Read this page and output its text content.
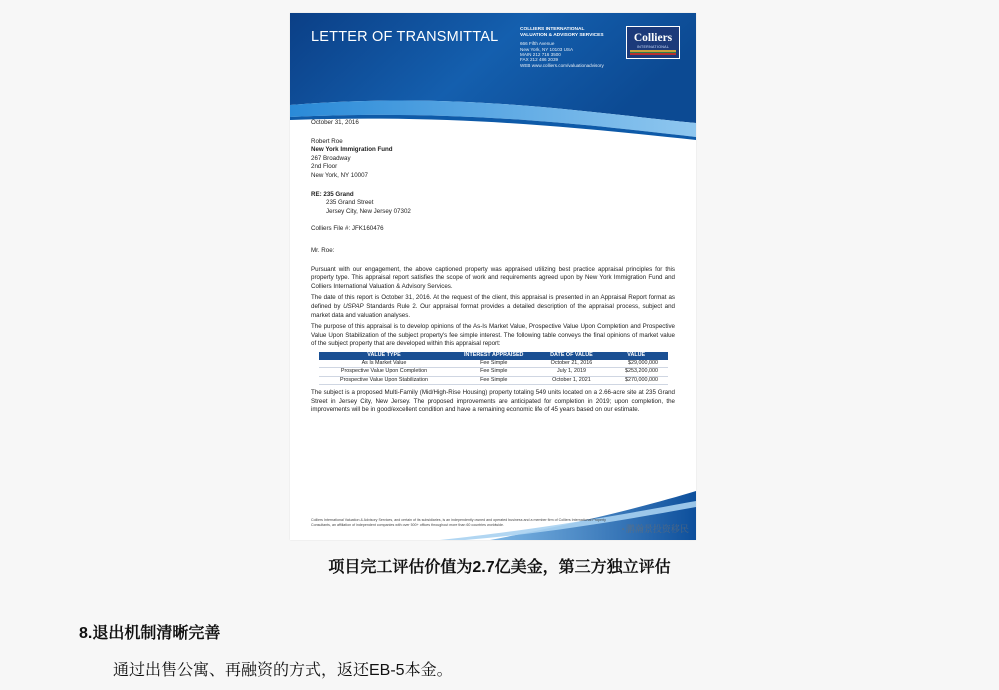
LETTER OF TRANSMITTAL	COLLIERS INTERNATIONAL
VALUATION & ADVISORY SERVICES
666 Fifth Avenue
New York, NY 10103 USA
MAIN 212 716 3500
FAX 212 486 2039
WEB www.colliers.com/valuationadvisory
Colliers
INTERNATIONAL

October 31, 2016

Robert Roe

New York Immigration Fund

267 Broadway

2nd Floor

New York, NY 10007

RE: 235 Grand

235 Grand Street

Jersey City, New Jersey 07302

Colliers File #: JFK160476

Mr. Roe:

Pursuant with our engagement, the above captioned property was appraised utilizing best practice appraisal principles for this property type. This appraisal report satisfies the scope of work and requirements agreed upon by New York Immigration Fund and Colliers International Valuation & Advisory Services.

The date of this report is October 31, 2016. At the request of the client, this appraisal is presented in an Appraisal Report format as defined by USPAP Standards Rule 2. Our appraisal format provides a detailed description of the appraisal process, subject and market data and valuation analyses.

The purpose of this appraisal is to develop opinions of the As-Is Market Value, Prospective Value Upon Completion and Prospective Value Upon Stabilization of the subject property's fee simple interest. The following table conveys the final opinions of market value of the subject property that are developed within this appraisal report:

VALUE TYPE	INTEREST APPRAISED	DATE OF VALUE	VALUE
As Is Market Value	Fee Simple	October 21, 2016	$29,000,000
Prospective Value Upon Completion	Fee Simple	July 1, 2019	$253,200,000
Prospective Value Upon Stabilization	Fee Simple	October 1, 2021	$270,000,000

The subject is a proposed Multi-Family (Mid/High-Rise Housing) property totaling 549 units located on a 2.66-acre site at 235 Grand Street in Jersey City, New Jersey. The proposed improvements are anticipated for completion in 2019; upon completion, the improvements will be in good/excellent condition and have a remaining economic life of 45 years based on our estimate.

Colliers International Valuation & Advisory Services, and certain of its subsidiaries, is an independently owned and operated business and a member firm of Colliers International Property Consultants, an affiliation of independent companies with over 500+ offices throughout more than 60 countries worldwide.	◔鹏瀚景投资移民
项目完工评估价值为2.7亿美金，第三方独立评估
8.退出机制清晰完善
通过出售公寓、再融资的方式，返还EB-5本金。
